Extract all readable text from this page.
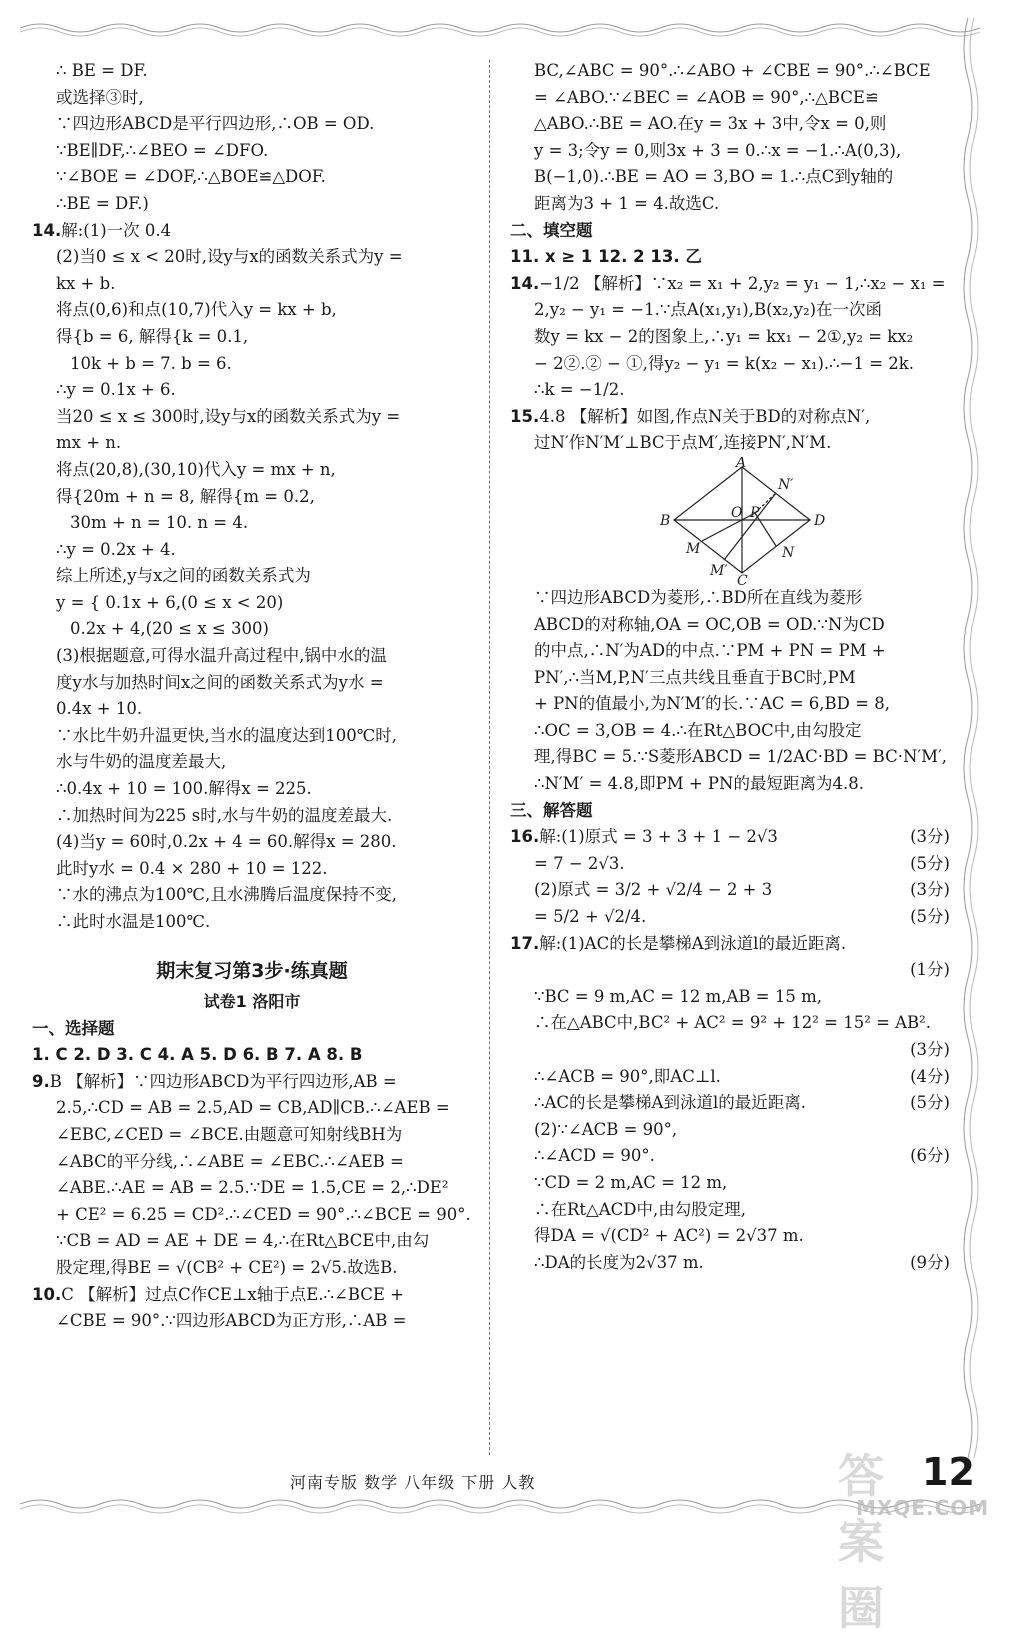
∴ BE = DF.
或选择③时,
∵四边形ABCD是平行四边形,∴OB = OD.
∵BE∥DF,∴∠BEO = ∠DFO.
∵∠BOE = ∠DOF,∴△BOE≌△DOF.
∴BE = DF.)
14.解:(1)一次 0.4
(2)当0 ≤ x < 20时,设y与x的函数关系式为y =
kx + b.
将点(0,6)和点(10,7)代入y = kx + b,
得{b = 6, 解得{k = 0.1,
10k + b = 7. b = 6.
∴y = 0.1x + 6.
当20 ≤ x ≤ 300时,设y与x的函数关系式为y =
mx + n.
将点(20,8),(30,10)代入y = mx + n,
得{20m + n = 8, 解得{m = 0.2,
30m + n = 10. n = 4.
∴y = 0.2x + 4.
综上所述,y与x之间的函数关系式为
y = { 0.1x + 6,(0 ≤ x < 20)
0.2x + 4,(20 ≤ x ≤ 300)
(3)根据题意,可得水温升高过程中,锅中水的温
度y水与加热时间x之间的函数关系式为y水 =
0.4x + 10.
∵水比牛奶升温更快,当水的温度达到100℃时,
水与牛奶的温度差最大,
∴0.4x + 10 = 100.解得x = 225.
∴加热时间为225 s时,水与牛奶的温度差最大.
(4)当y = 60时,0.2x + 4 = 60.解得x = 280.
此时y水 = 0.4 × 280 + 10 = 122.
∵水的沸点为100℃,且水沸腾后温度保持不变,
∴此时水温是100℃.
期末复习第3步·练真题
试卷1 洛阳市
一、选择题
1. C 2. D 3. C 4. A 5. D 6. B 7. A 8. B
9.B 【解析】∵四边形ABCD为平行四边形,AB =
2.5,∴CD = AB = 2.5,AD = CB,AD∥CB.∴∠AEB =
∠EBC,∠CED = ∠BCE.由题意可知射线BH为
∠ABC的平分线,∴∠ABE = ∠EBC.∴∠AEB =
∠ABE.∴AE = AB = 2.5.∵DE = 1.5,CE = 2,∴DE²
+ CE² = 6.25 = CD².∴∠CED = 90°.∴∠BCE = 90°.
∵CB = AD = AE + DE = 4,∴在Rt△BCE中,由勾
股定理,得BE = √(CB² + CE²) = 2√5.故选B.
10.C 【解析】过点C作CE⊥x轴于点E.∴∠BCE +
∠CBE = 90°.∵四边形ABCD为正方形,∴AB =
BC,∠ABC = 90°.∴∠ABO + ∠CBE = 90°.∴∠BCE
= ∠ABO.∵∠BEC = ∠AOB = 90°,∴△BCE≌
△ABO.∴BE = AO.在y = 3x + 3中,令x = 0,则
y = 3;令y = 0,则3x + 3 = 0.∴x = −1.∴A(0,3),
B(−1,0).∴BE = AO = 3,BO = 1.∴点C到y轴的
距离为3 + 1 = 4.故选C.
二、填空题
11. x ≥ 1 12. 2 13. 乙
14.−1/2 【解析】∵x₂ = x₁ + 2,y₂ = y₁ − 1,∴x₂ − x₁ =
2,y₂ − y₁ = −1.∵点A(x₁,y₁),B(x₂,y₂)在一次函
数y = kx − 2的图象上,∴y₁ = kx₁ − 2①,y₂ = kx₂
− 2②.② − ①,得y₂ − y₁ = k(x₂ − x₁).∴−1 = 2k.
∴k = −1/2.
15.4.8 【解析】如图,作点N关于BD的对称点N′,
过N′作N′M′⊥BC于点M′,连接PN′,N′M.
A
B
C
D
O P
N
N′
M
M′
∵四边形ABCD为菱形,∴BD所在直线为菱形
ABCD的对称轴,OA = OC,OB = OD.∵N为CD
的中点,∴N′为AD的中点.∵PM + PN = PM +
PN′,∴当M,P,N′三点共线且垂直于BC时,PM
+ PN的值最小,为N′M′的长.∵AC = 6,BD = 8,
∴OC = 3,OB = 4.∴在Rt△BOC中,由勾股定
理,得BC = 5.∵S菱形ABCD = 1/2AC·BD = BC·N′M′,
∴N′M′ = 4.8,即PM + PN的最短距离为4.8.
三、解答题
16.解:(1)原式 = 3 + 3 + 1 − 2√3	(3分)
= 7 − 2√3.	(5分)
(2)原式 = 3/2 + √2/4 − 2 + 3	(3分)
= 5/2 + √2/4.	(5分)
17.解:(1)AC的长是攀梯A到泳道l的最近距离.
(1分)
∵BC = 9 m,AC = 12 m,AB = 15 m,
∴在△ABC中,BC² + AC² = 9² + 12² = 15² = AB².
(3分)
∴∠ACB = 90°,即AC⊥l.	(4分)
∴AC的长是攀梯A到泳道l的最近距离.	(5分)
(2)∵∠ACB = 90°,
∴∠ACD = 90°.	(6分)
∵CD = 2 m,AC = 12 m,
∴在Rt△ACD中,由勾股定理,
得DA = √(CD² + AC²) = 2√37 m.
∴DA的长度为2√37 m.	(9分)
河南专版 数学 八年级 下册 人教	12
答案圈
MXQE.COM
